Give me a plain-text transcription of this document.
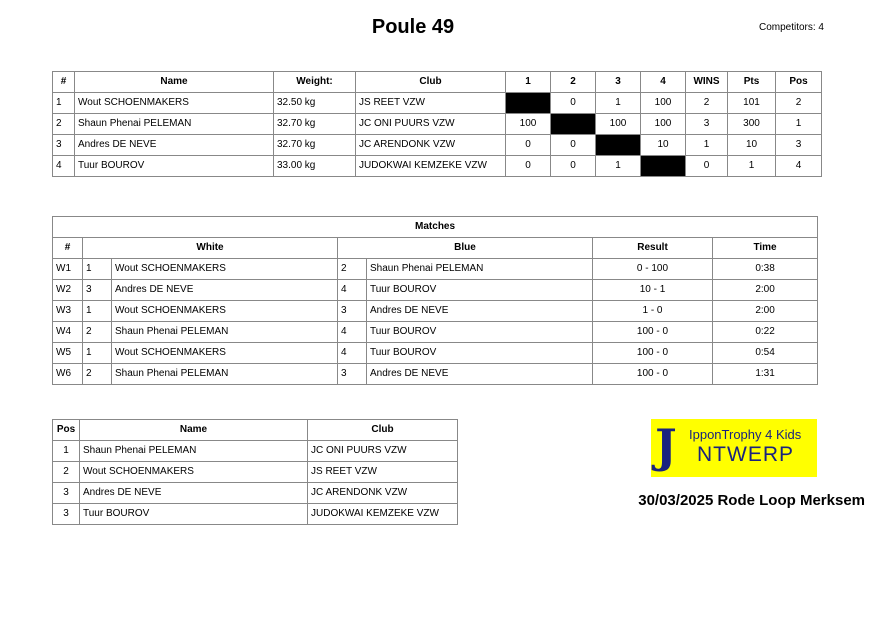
Poule 49	Competitors: 4
#	Name	Weight:	Club	1	2	3	4	WINS	Pts	Pos
1	Wout SCHOENMAKERS	32.50 kg	JS REET VZW		0	1	100	2	101	2
2	Shaun Phenai PELEMAN	32.70 kg	JC ONI PUURS VZW	100		100	100	3	300	1
3	Andres DE NEVE	32.70 kg	JC ARENDONK VZW	0	0		10	1	10	3
4	Tuur BOUROV	33.00 kg	JUDOKWAI KEMZEKE VZW	0	0	1		0	1	4
Matches						
#	White		Blue		Result	Time
W1	1	Wout SCHOENMAKERS	2	Shaun Phenai PELEMAN	0 - 100	0:38
W2	3	Andres DE NEVE	4	Tuur BOUROV	10 - 1	2:00
W3	1	Wout SCHOENMAKERS	3	Andres DE NEVE	1 - 0	2:00
W4	2	Shaun Phenai PELEMAN	4	Tuur BOUROV	100 - 0	0:22
W5	1	Wout SCHOENMAKERS	4	Tuur BOUROV	100 - 0	0:54
W6	2	Shaun Phenai PELEMAN	3	Andres DE NEVE	100 - 0	1:31
Pos	Name	Club
1	Shaun Phenai PELEMAN	JC ONI PUURS VZW
2	Wout SCHOENMAKERS	JS REET VZW
3	Andres DE NEVE	JC ARENDONK VZW
3	Tuur BOUROV	JUDOKWAI KEMZEKE VZW
J IpponTrophy 4 Kids
NTWERP
30/03/2025 Rode Loop Merksem
